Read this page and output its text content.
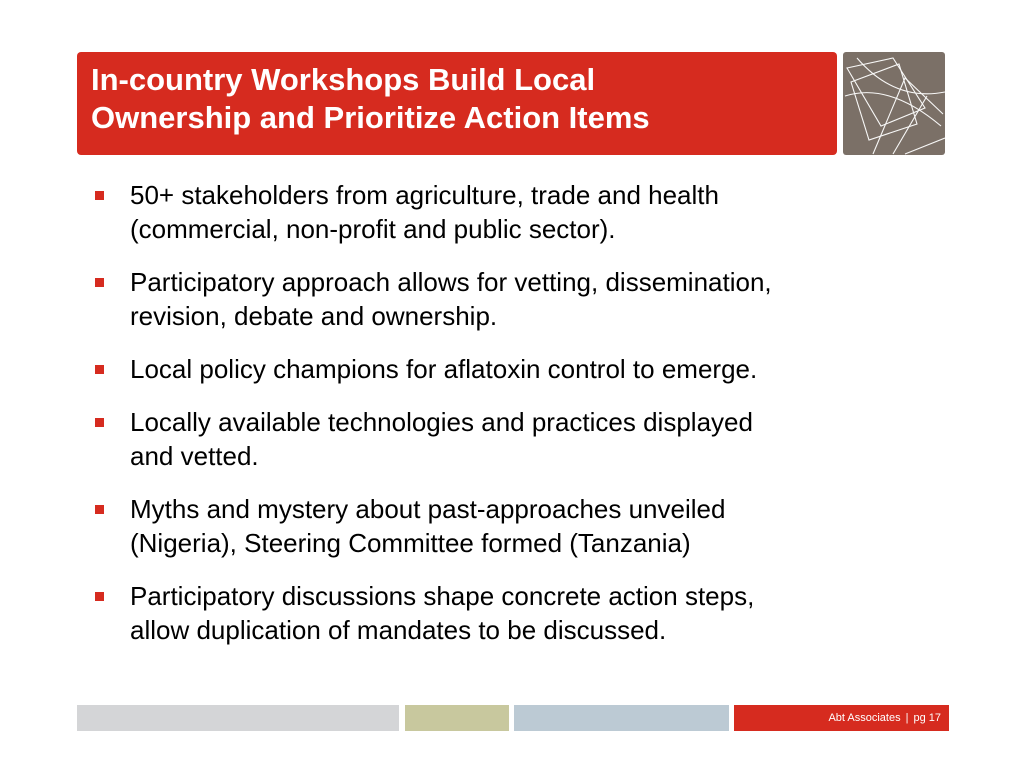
In-country Workshops Build Local
Ownership and Prioritize Action Items
50+ stakeholders from agriculture, trade and health
(commercial, non-profit and public sector).
Participatory approach allows for vetting, dissemination,
revision, debate and ownership.
Local policy champions for aflatoxin control to emerge.
Locally available technologies and practices displayed
and vetted.
Myths and mystery about past-approaches unveiled
(Nigeria), Steering Committee formed (Tanzania)
Participatory discussions shape concrete action steps,
allow duplication of mandates to be discussed.
Abt Associates | pg 17
